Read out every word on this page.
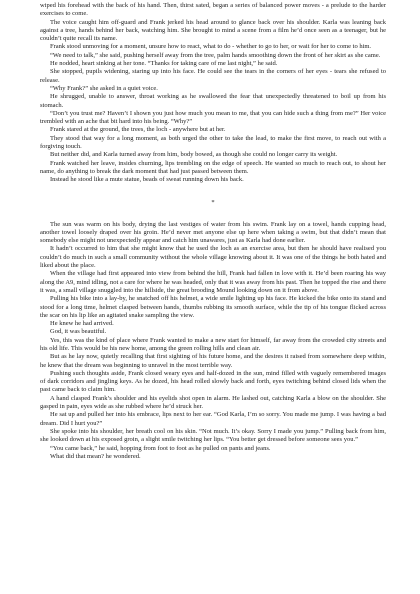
wiped his forehead with the back of his hand. Then, thirst sated, began a series of balanced power moves - a prelude to the harder exercises to come.

The voice caught him off-guard and Frank jerked his head around to glance back over his shoulder. Karla was leaning back against a tree, hands behind her back, watching him. She brought to mind a scene from a film he’d once seen as a teenager, but he couldn’t quite recall its name.

Frank stood unmoving for a moment, unsure how to react, what to do - whether to go to her, or wait for her to come to him.

“We need to talk,” she said, pushing herself away from the tree, palm hands smoothing down the front of her skirt as she came.

He nodded, heart sinking at her tone. “Thanks for taking care of me last night,” he said.

She stopped, pupils widening, staring up into his face. He could see the tears in the corners of her eyes - tears she refused to release.

“Why Frank?” she asked in a quiet voice.

He shrugged, unable to answer, throat working as he swallowed the fear that unexpectedly threatened to boil up from his stomach.

“Don’t you trust me? Haven’t I shown you just how much you mean to me, that you can hide such a thing from me?” Her voice trembled with an ache that bit hard into his being. “Why?”

Frank stared at the ground, the trees, the loch - anywhere but at her.

They stood that way for a long moment, as both urged the other to take the lead, to make the first move, to reach out with a forgiving touch.

But neither did, and Karla turned away from him, body bowed, as though she could no longer carry its weight.

Frank watched her leave, insides churning, lips trembling on the edge of speech. He wanted so much to reach out, to shout her name, do anything to break the dark moment that had just passed between them.

Instead he stood like a mute statue, beads of sweat running down his back.

*

The sun was warm on his body, drying the last vestiges of water from his swim. Frank lay on a towel, hands cupping head, another towel loosely draped over his groin. He’d never met anyone else up here when taking a swim, but that didn’t mean that somebody else might not unexpectedly appear and catch him unawares, just as Karla had done earlier.

It hadn’t occurred to him that she might know that he used the loch as an exercise area, but then he should have realised you couldn’t do much in such a small community without the whole village knowing about it. It was one of the things he both hated and liked about the place.

When the village had first appeared into view from behind the hill, Frank had fallen in love with it. He’d been roaring his way along the A9, mind idling, not a care for where he was headed, only that it was away from his past. Then he topped the rise and there it was, a small village snuggled into the hillside, the great brooding Mound looking down on it from above.

Pulling his bike into a lay-by, he snatched off his helmet, a wide smile lighting up his face. He kicked the bike onto its stand and stood for a long time, helmet clasped between hands, thumbs rubbing its smooth surface, while the tip of his tongue flicked across the scar on his lip like an agitated snake sampling the view.

He knew he had arrived.

God, it was beautiful.

Yes, this was the kind of place where Frank wanted to make a new start for himself, far away from the crowded city streets and his old life. This would be his new home, among the green rolling hills and clean air.

But as he lay now, quietly recalling that first sighting of his future home, and the desires it raised from somewhere deep within, he knew that the dream was beginning to unravel in the most terrible way.

Pushing such thoughts aside, Frank closed weary eyes and half-dozed in the sun, mind filled with vaguely remembered images of dark corridors and jingling keys. As he dozed, his head rolled slowly back and forth, eyes twitching behind closed lids when the past came back to claim him.

A hand clasped Frank’s shoulder and his eyelids shot open in alarm. He lashed out, catching Karla a blow on the shoulder. She gasped in pain, eyes wide as she rubbed where he’d struck her.

He sat up and pulled her into his embrace, lips next to her ear. “God Karla, I’m so sorry. You made me jump. I was having a bad dream. Did I hurt you?”

She spoke into his shoulder, her breath cool on his skin. “Not much. It’s okay. Sorry I made you jump.” Pulling back from him, she looked down at his exposed groin, a slight smile twitching her lips. “You better get dressed before someone sees you.”

“You came back,” he said, hopping from foot to foot as he pulled on pants and jeans.

What did that mean? he wondered.
